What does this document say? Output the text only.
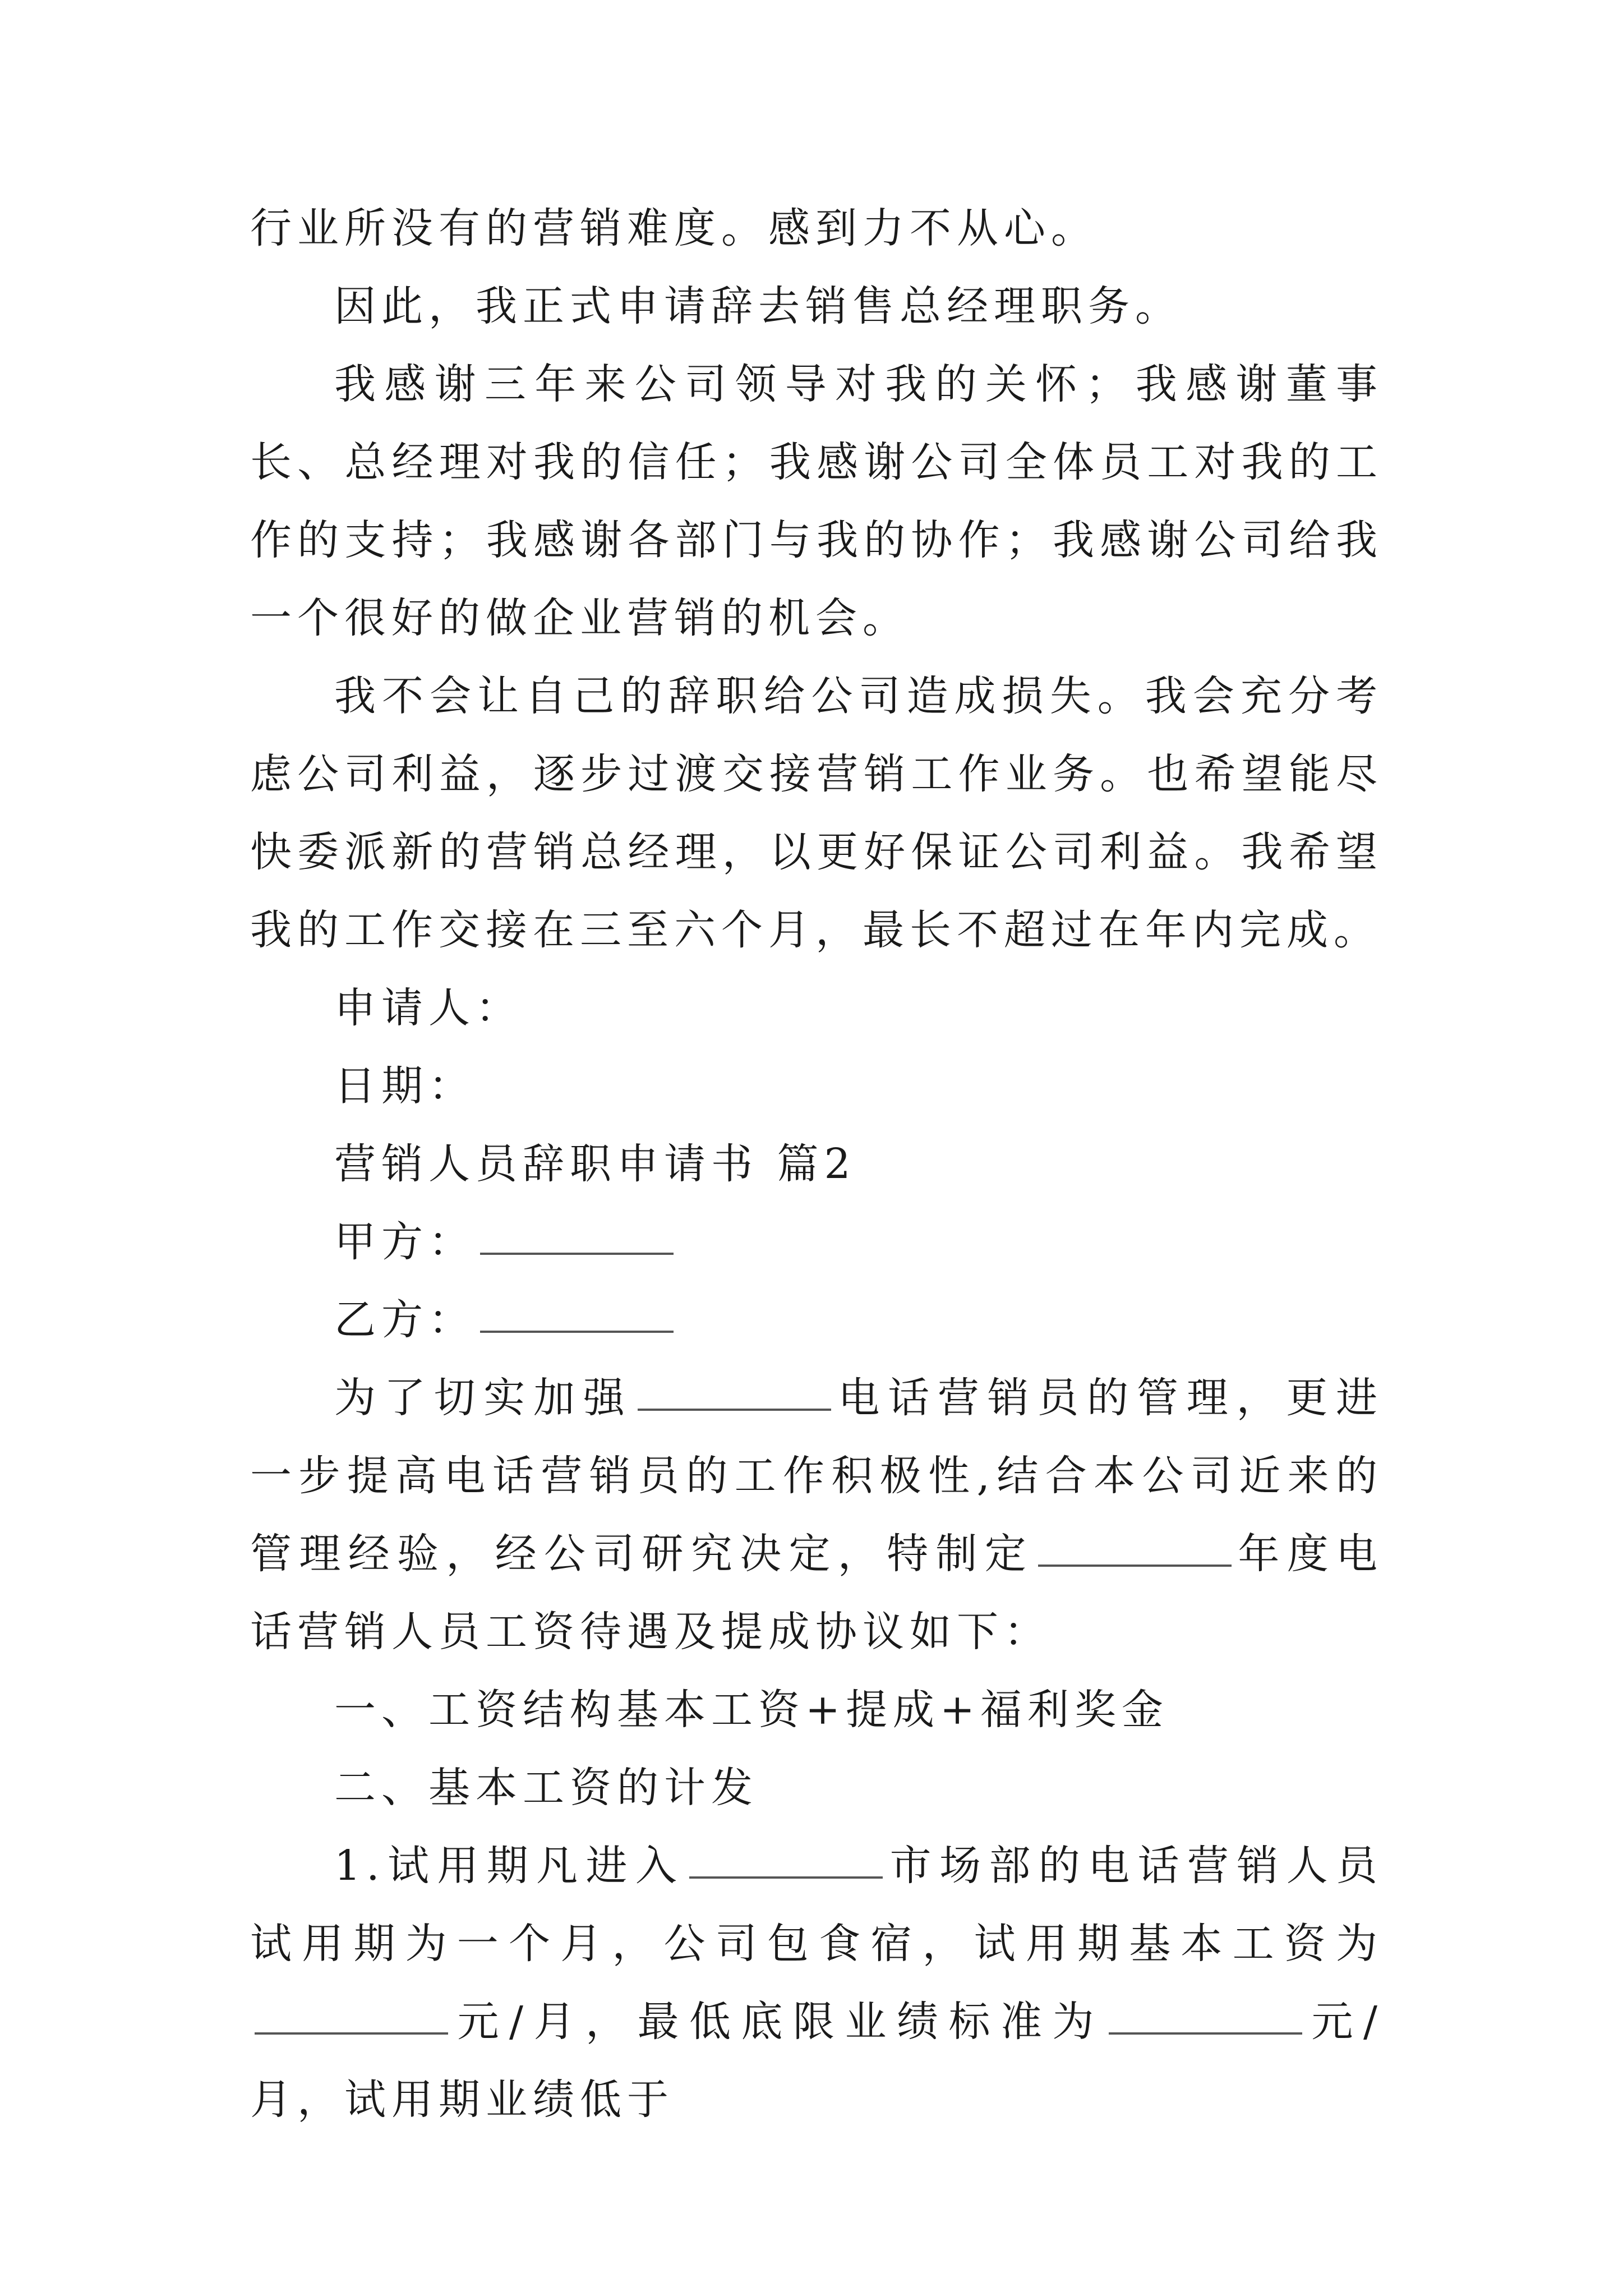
行业所没有的营销难度。感到力不从心。

因此，我正式申请辞去销售总经理职务。

我感谢三年来公司领导对我的关怀；我感谢董事长、总经理对我的信任；我感谢公司全体员工对我的工作的支持；我感谢各部门与我的协作；我感谢公司给我一个很好的做企业营销的机会。

我不会让自己的辞职给公司造成损失。我会充分考虑公司利益，逐步过渡交接营销工作业务。也希望能尽快委派新的营销总经理，以更好保证公司利益。我希望我的工作交接在三至六个月，最长不超过在年内完成。

申请人：

日期：

营销人员辞职申请书 篇2

甲方：

乙方：

为了切实加强	电话营销员的管理，更进一步提高电话营销员的工作积极性,结合本公司近来的管理经验，经公司研究决定，特制定	年度电话营销人员工资待遇及提成协议如下：

一、工资结构基本工资+提成+福利奖金

二、基本工资的计发

1.试用期凡进入	市场部的电话营销人员试用期为一个月，公司包食宿，试用期基本工资为元/月，最低底限业绩标准为	元/月，试用期业绩低于
